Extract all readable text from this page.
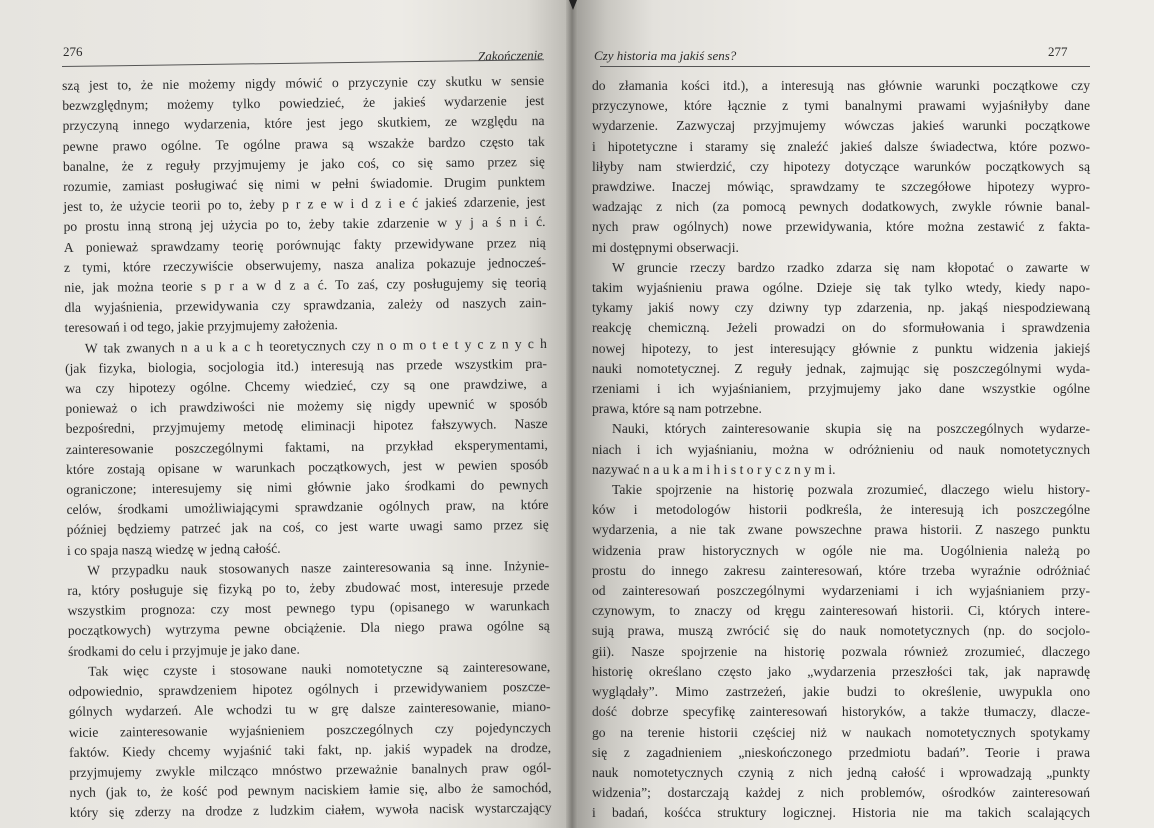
276	Zakończenie
szą jest to, że nie możemy nigdy mówić o przyczynie czy skutku w sensie
bezwzględnym; możemy tylko powiedzieć, że jakieś wydarzenie jest
przyczyną innego wydarzenia, które jest jego skutkiem, ze względu na
pewne prawo ogólne. Te ogólne prawa są wszakże bardzo często tak
banalne, że z reguły przyjmujemy je jako coś, co się samo przez się
rozumie, zamiast posługiwać się nimi w pełni świadomie. Drugim punktem
jest to, że użycie teorii po to, żeby p r z e w i d z i e ć jakieś zdarzenie, jest
po prostu inną stroną jej użycia po to, żeby takie zdarzenie w y j a ś n i ć.
A ponieważ sprawdzamy teorię porównując fakty przewidywane przez nią
z tymi, które rzeczywiście obserwujemy, nasza analiza pokazuje jednocześ-
nie, jak można teorie s p r a w d z a ć. To zaś, czy posługujemy się teorią
dla wyjaśnienia, przewidywania czy sprawdzania, zależy od naszych zain-
teresowań i od tego, jakie przyjmujemy założenia.
W tak zwanych n a u k a c h teoretycznych czy n o m o t e t y c z n y c h
(jak fizyka, biologia, socjologia itd.) interesują nas przede wszystkim pra-
wa czy hipotezy ogólne. Chcemy wiedzieć, czy są one prawdziwe, a
ponieważ o ich prawdziwości nie możemy się nigdy upewnić w sposób
bezpośredni, przyjmujemy metodę eliminacji hipotez fałszywych. Nasze
zainteresowanie poszczególnymi faktami, na przykład eksperymentami,
które zostają opisane w warunkach początkowych, jest w pewien sposób
ograniczone; interesujemy się nimi głównie jako środkami do pewnych
celów, środkami umożliwiającymi sprawdzanie ogólnych praw, na które
później będziemy patrzeć jak na coś, co jest warte uwagi samo przez się
i co spaja naszą wiedzę w jedną całość.
W przypadku nauk stosowanych nasze zainteresowania są inne. Inżynie-
ra, który posługuje się fizyką po to, żeby zbudować most, interesuje przede
wszystkim prognoza: czy most pewnego typu (opisanego w warunkach
początkowych) wytrzyma pewne obciążenie. Dla niego prawa ogólne są
środkami do celu i przyjmuje je jako dane.
Tak więc czyste i stosowane nauki nomotetyczne są zainteresowane,
odpowiednio, sprawdzeniem hipotez ogólnych i przewidywaniem poszcze-
gólnych wydarzeń. Ale wchodzi tu w grę dalsze zainteresowanie, miano-
wicie zainteresowanie wyjaśnieniem poszczególnych czy pojedynczych
faktów. Kiedy chcemy wyjaśnić taki fakt, np. jakiś wypadek na drodze,
przyjmujemy zwykle milcząco mnóstwo przeważnie banalnych praw ogól-
nych (jak to, że kość pod pewnym naciskiem łamie się, albo że samochód,
który się zderzy na drodze z ludzkim ciałem, wywoła nacisk wystarczający
Czy historia ma jakiś sens?	277
do złamania kości itd.), a interesują nas głównie warunki początkowe czy
przyczynowe, które łącznie z tymi banalnymi prawami wyjaśniłyby dane
wydarzenie. Zazwyczaj przyjmujemy wówczas jakieś warunki początkowe
i hipotetyczne i staramy się znaleźć jakieś dalsze świadectwa, które pozwo-
liłyby nam stwierdzić, czy hipotezy dotyczące warunków początkowych są
prawdziwe. Inaczej mówiąc, sprawdzamy te szczegółowe hipotezy wypro-
wadzając z nich (za pomocą pewnych dodatkowych, zwykle równie banal-
nych praw ogólnych) nowe przewidywania, które można zestawić z fakta-
mi dostępnymi obserwacji.
W gruncie rzeczy bardzo rzadko zdarza się nam kłopotać o zawarte w
takim wyjaśnieniu prawa ogólne. Dzieje się tak tylko wtedy, kiedy napo-
tykamy jakiś nowy czy dziwny typ zdarzenia, np. jakąś niespodziewaną
reakcję chemiczną. Jeżeli prowadzi on do sformułowania i sprawdzenia
nowej hipotezy, to jest interesujący głównie z punktu widzenia jakiejś
nauki nomotetycznej. Z reguły jednak, zajmując się poszczególnymi wyda-
rzeniami i ich wyjaśnianiem, przyjmujemy jako dane wszystkie ogólne
prawa, które są nam potrzebne.
Nauki, których zainteresowanie skupia się na poszczególnych wydarze-
niach i ich wyjaśnianiu, można w odróżnieniu od nauk nomotetycznych
nazywać n a u k a m i h i s t o r y c z n y m i.
Takie spojrzenie na historię pozwala zrozumieć, dlaczego wielu history-
ków i metodologów historii podkreśla, że interesują ich poszczególne
wydarzenia, a nie tak zwane powszechne prawa historii. Z naszego punktu
widzenia praw historycznych w ogóle nie ma. Uogólnienia należą po
prostu do innego zakresu zainteresowań, które trzeba wyraźnie odróżniać
od zainteresowań poszczególnymi wydarzeniami i ich wyjaśnianiem przy-
czynowym, to znaczy od kręgu zainteresowań historii. Ci, których intere-
sują prawa, muszą zwrócić się do nauk nomotetycznych (np. do socjolo-
gii). Nasze spojrzenie na historię pozwala również zrozumieć, dlaczego
historię określano często jako „wydarzenia przeszłości tak, jak naprawdę
wyglądały”. Mimo zastrzeżeń, jakie budzi to określenie, uwypukla ono
dość dobrze specyfikę zainteresowań historyków, a także tłumaczy, dlacze-
go na terenie historii częściej niż w naukach nomotetycznych spotykamy
się z zagadnieniem „nieskończonego przedmiotu badań”. Teorie i prawa
nauk nomotetycznych czynią z nich jedną całość i wprowadzają „punkty
widzenia”; dostarczają każdej z nich problemów, ośrodków zainteresowań
i badań, kośćca struktury logicznej. Historia nie ma takich scalających
